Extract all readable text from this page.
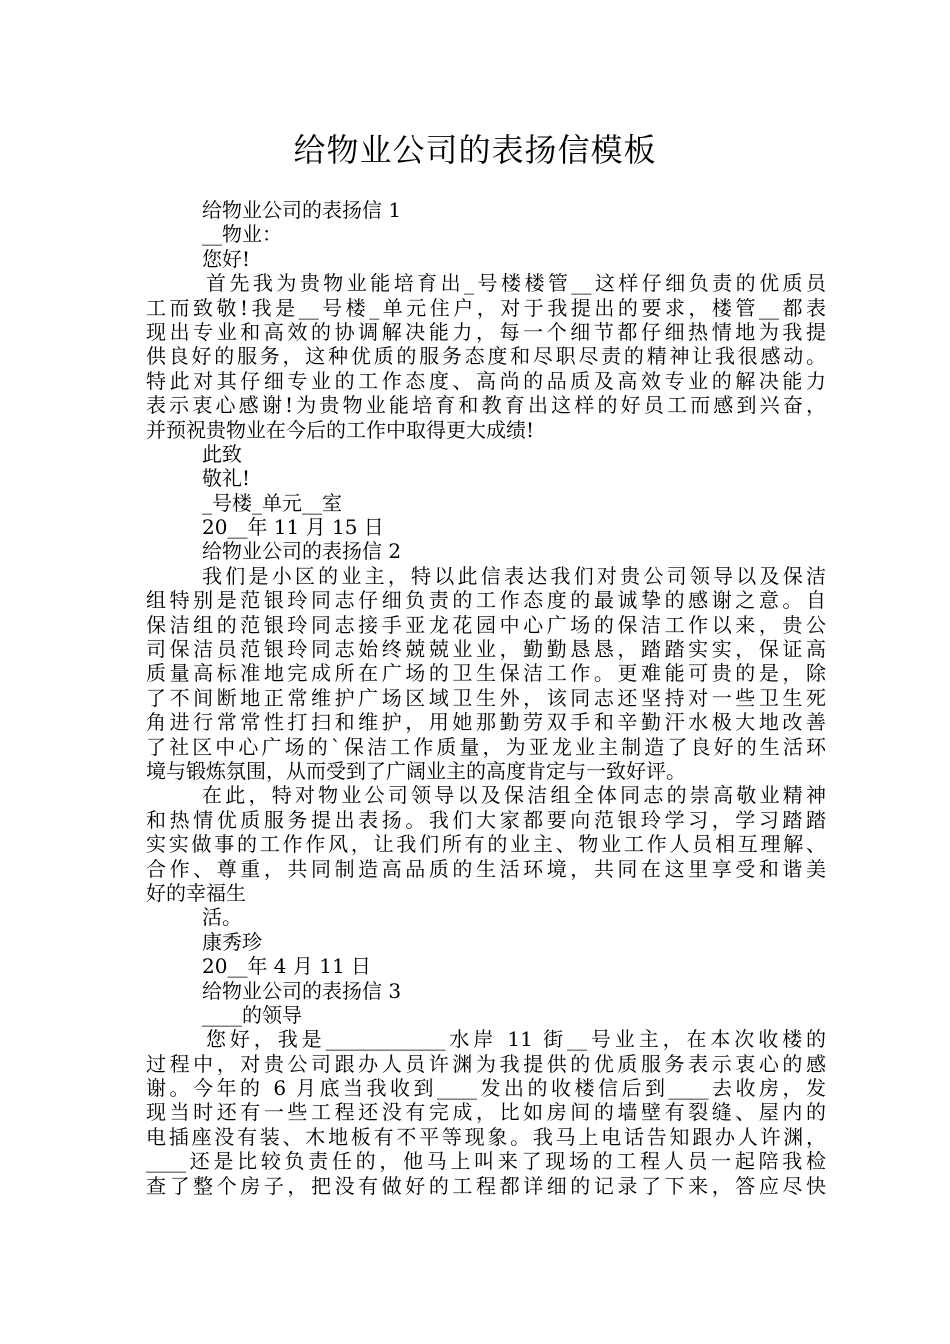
给物业公司的表扬信模板
给物业公司的表扬信 1
__物业：
您好!
首先我为贵物业能培育出_号楼楼管__这样仔细负责的优质员
工而致敬!我是__号楼_单元住户，对于我提出的要求，楼管__都表
现出专业和高效的协调解决能力，每一个细节都仔细热情地为我提
供良好的服务，这种优质的服务态度和尽职尽责的精神让我很感动。
特此对其仔细专业的工作态度、高尚的品质及高效专业的解决能力
表示衷心感谢!为贵物业能培育和教育出这样的好员工而感到兴奋，
并预祝贵物业在今后的工作中取得更大成绩!
此致
敬礼!
_号楼_单元__室
20__年 11 月 15 日
给物业公司的表扬信 2
我们是小区的业主，特以此信表达我们对贵公司领导以及保洁
组特别是范银玲同志仔细负责的工作态度的最诚挚的感谢之意。自
保洁组的范银玲同志接手亚龙花园中心广场的保洁工作以来，贵公
司保洁员范银玲同志始终兢兢业业，勤勤恳恳，踏踏实实，保证高
质量高标准地完成所在广场的卫生保洁工作。更难能可贵的是，除
了不间断地正常维护广场区域卫生外，该同志还坚持对一些卫生死
角进行常常性打扫和维护，用她那勤劳双手和辛勤汗水极大地改善
了社区中心广场的`保洁工作质量，为亚龙业主制造了良好的生活环
境与锻炼氛围，从而受到了广阔业主的高度肯定与一致好评。
在此，特对物业公司领导以及保洁组全体同志的崇高敬业精神
和热情优质服务提出表扬。我们大家都要向范银玲学习，学习踏踏
实实做事的工作作风，让我们所有的业主、物业工作人员相互理解、
合作、尊重，共同制造高品质的生活环境，共同在这里享受和谐美
好的幸福生
活。
康秀珍
20__年 4 月 11 日
给物业公司的表扬信 3
____的领导
您好，我是____________水岸 11 街__号业主，在本次收楼的
过程中，对贵公司跟办人员许渊为我提供的优质服务表示衷心的感
谢。今年的 6 月底当我收到____发出的收楼信后到____去收房，发
现当时还有一些工程还没有完成，比如房间的墙壁有裂缝、屋内的
电插座没有装、木地板有不平等现象。我马上电话告知跟办人许渊，
____还是比较负责任的，他马上叫来了现场的工程人员一起陪我检
查了整个房子，把没有做好的工程都详细的记录了下来，答应尽快
